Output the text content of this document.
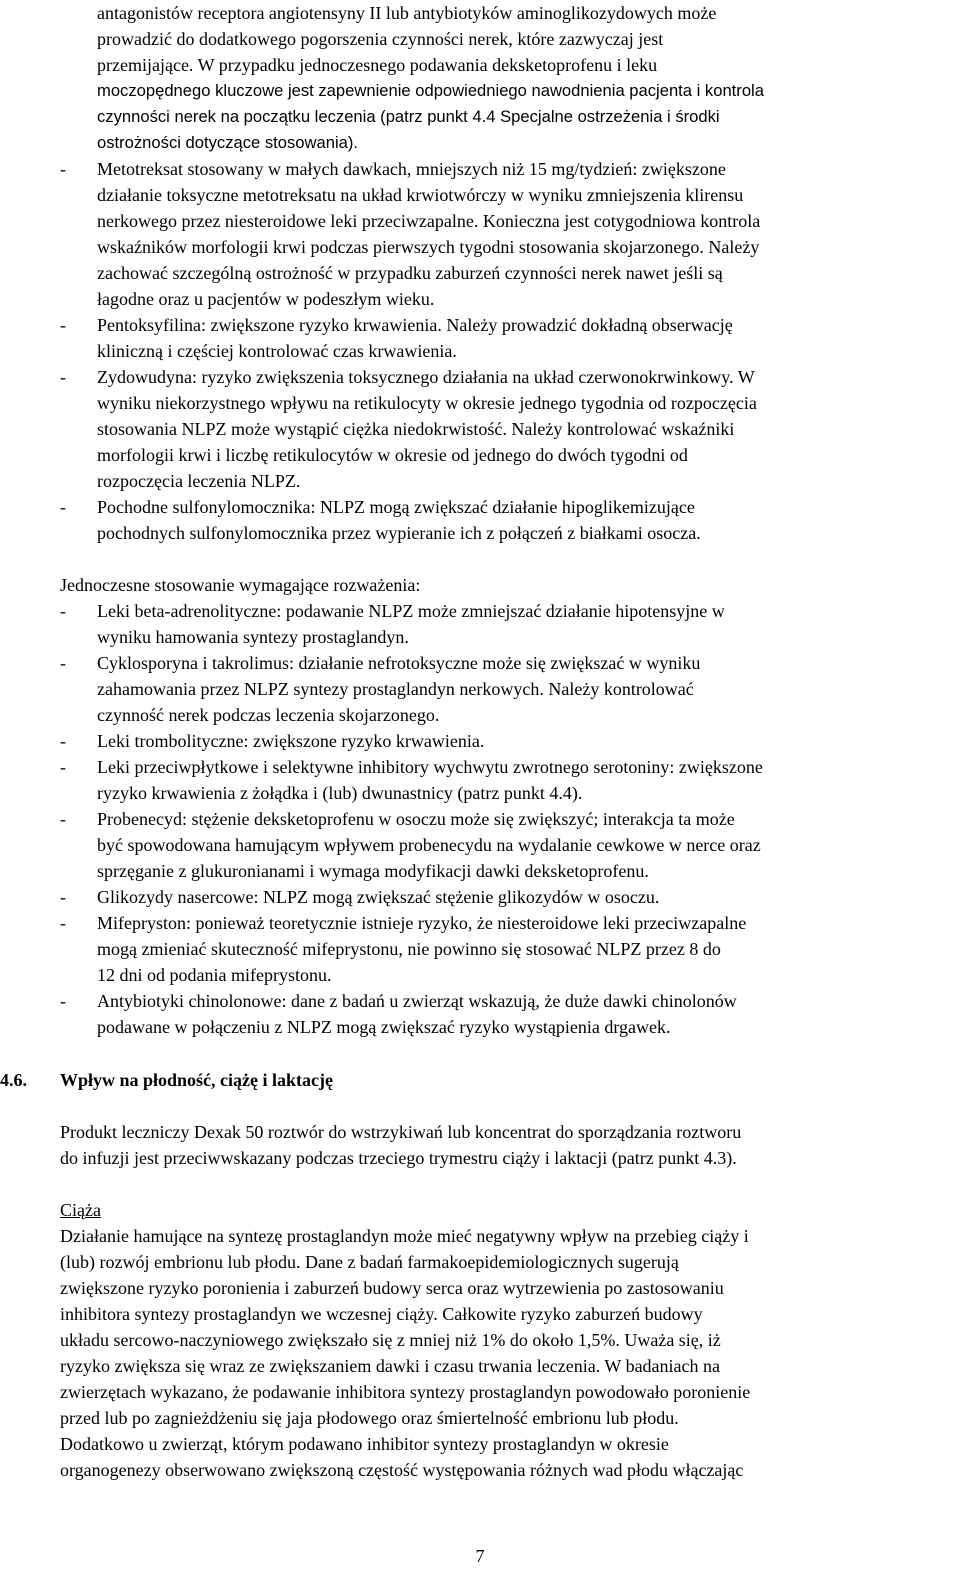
antagonistów receptora angiotensyny II lub antybiotyków aminoglikozydowych może
prowadzić do dodatkowego pogorszenia czynności nerek, które zazwyczaj jest
przemijające. W przypadku jednoczesnego podawania deksketoprofenu i leku
moczopędnego kluczowe jest zapewnienie odpowiedniego nawodnienia pacjenta i kontrola
czynności nerek na początku leczenia (patrz punkt 4.4 Specjalne ostrzeżenia i środki
ostrożności dotyczące stosowania).
- Metotreksat stosowany w małych dawkach, mniejszych niż 15 mg/tydzień: zwiększone
działanie toksyczne metotreksatu na układ krwiotwórczy w wyniku zmniejszenia klirensu
nerkowego przez niesteroidowe leki przeciwzapalne. Konieczna jest cotygodniowa kontrola
wskaźników morfologii krwi podczas pierwszych tygodni stosowania skojarzonego. Należy
zachować szczególną ostrożność w przypadku zaburzeń czynności nerek nawet jeśli są
łagodne oraz u pacjentów w podeszłym wieku.
- Pentoksyfilina: zwiększone ryzyko krwawienia. Należy prowadzić dokładną obserwację
kliniczną i częściej kontrolować czas krwawienia.
- Zydowudyna: ryzyko zwiększenia toksycznego działania na układ czerwonokrwinkowy. W
wyniku niekorzystnego wpływu na retikulocyty w okresie jednego tygodnia od rozpoczęcia
stosowania NLPZ może wystąpić ciężka niedokrwistość. Należy kontrolować wskaźniki
morfologii krwi i liczbę retikulocytów w okresie od jednego do dwóch tygodni od
rozpoczęcia leczenia NLPZ.
- Pochodne sulfonylomocznika: NLPZ mogą zwiększać działanie hipoglikemizujące
pochodnych sulfonylomocznika przez wypieranie ich z połączeń z białkami osocza.
Jednoczesne stosowanie wymagające rozważenia:
- Leki beta-adrenolityczne: podawanie NLPZ może zmniejszać działanie hipotensyjne w
wyniku hamowania syntezy prostaglandyn.
- Cyklosporyna i takrolimus: działanie nefrotoksyczne może się zwiększać w wyniku
zahamowania przez NLPZ syntezy prostaglandyn nerkowych. Należy kontrolować
czynność nerek podczas leczenia skojarzonego.
- Leki trombolityczne: zwiększone ryzyko krwawienia.
- Leki przeciwpłytkowe i selektywne inhibitory wychwytu zwrotnego serotoniny: zwiększone
ryzyko krwawienia z żołądka i (lub) dwunastnicy (patrz punkt 4.4).
- Probenecyd: stężenie deksketoprofenu w osoczu może się zwiększyć; interakcja ta może
być spowodowana hamującym wpływem probenecydu na wydalanie cewkowe w nerce oraz
sprzęganie z glukuronianami i wymaga modyfikacji dawki deksketoprofenu.
- Glikozydy nasercowe: NLPZ mogą zwiększać stężenie glikozydów w osoczu.
- Mifepryston: ponieważ teoretycznie istnieje ryzyko, że niesteroidowe leki przeciwzapalne
mogą zmieniać skuteczność mifeprystonu, nie powinno się stosować NLPZ przez 8 do
12 dni od podania mifeprystonu.
- Antybiotyki chinolonowe: dane z badań u zwierząt wskazują, że duże dawki chinolonów
podawane w połączeniu z NLPZ mogą zwiększać ryzyko wystąpienia drgawek.
4.6. Wpływ na płodność, ciążę i laktację
Produkt leczniczy Dexak 50 roztwór do wstrzykiwań lub koncentrat do sporządzania roztworu
do infuzji jest przeciwwskazany podczas trzeciego trymestru ciąży i laktacji (patrz punkt 4.3).
Ciąża
Działanie hamujące na syntezę prostaglandyn może mieć negatywny wpływ na przebieg ciąży i
(lub) rozwój embrionu lub płodu. Dane z badań farmakoepidemiologicznych sugerują
zwiększone ryzyko poronienia i zaburzeń budowy serca oraz wytrzewienia po zastosowaniu
inhibitora syntezy prostaglandyn we wczesnej ciąży. Całkowite ryzyko zaburzeń budowy
układu sercowo-naczyniowego zwiększało się z mniej niż 1% do około 1,5%. Uważa się, iż
ryzyko zwiększa się wraz ze zwiększaniem dawki i czasu trwania leczenia. W badaniach na
zwierzętach wykazano, że podawanie inhibitora syntezy prostaglandyn powodowało poronienie
przed lub po zagnieżdżeniu się jaja płodowego oraz śmiertelność embrionu lub płodu.
Dodatkowo u zwierząt, którym podawano inhibitor syntezy prostaglandyn w okresie
organogenezy obserwowano zwiększoną częstość występowania różnych wad płodu włączając
7
